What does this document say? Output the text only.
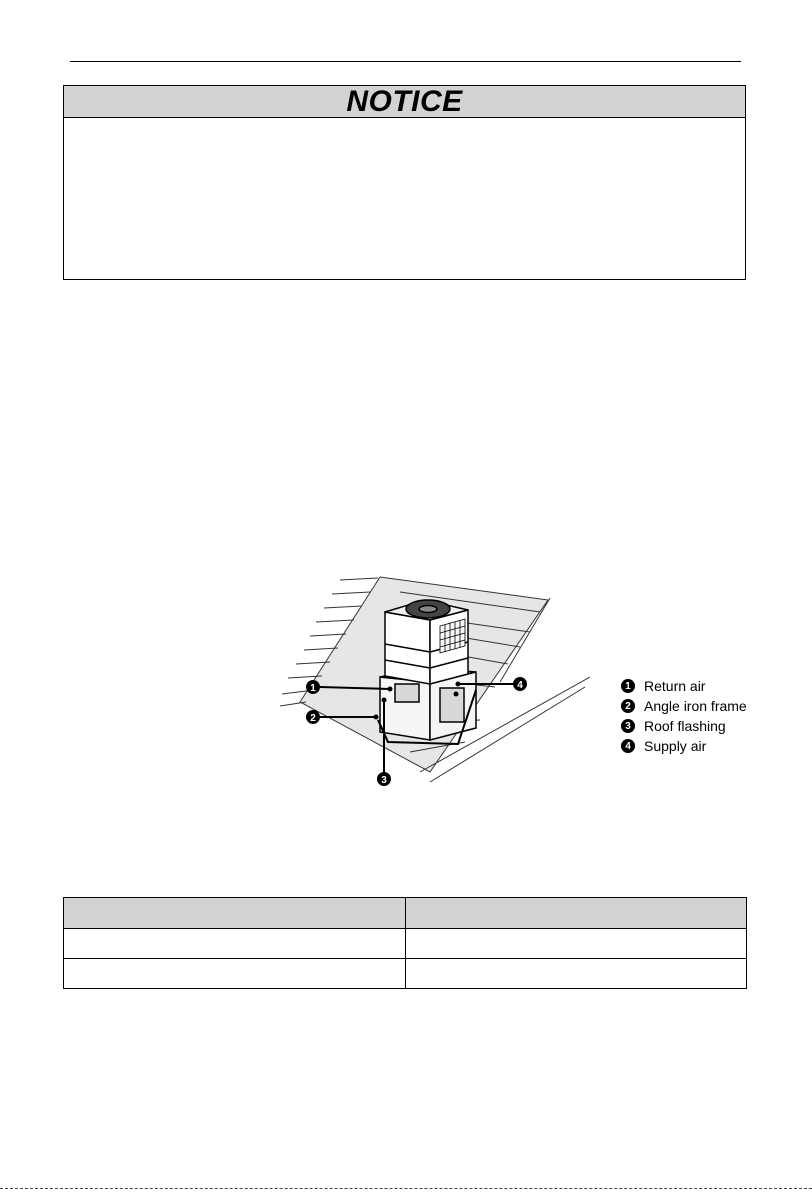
NOTICE
1
2
3
4	1 Return air
2 Angle iron frame
3 Roof flashing
4 Supply air
